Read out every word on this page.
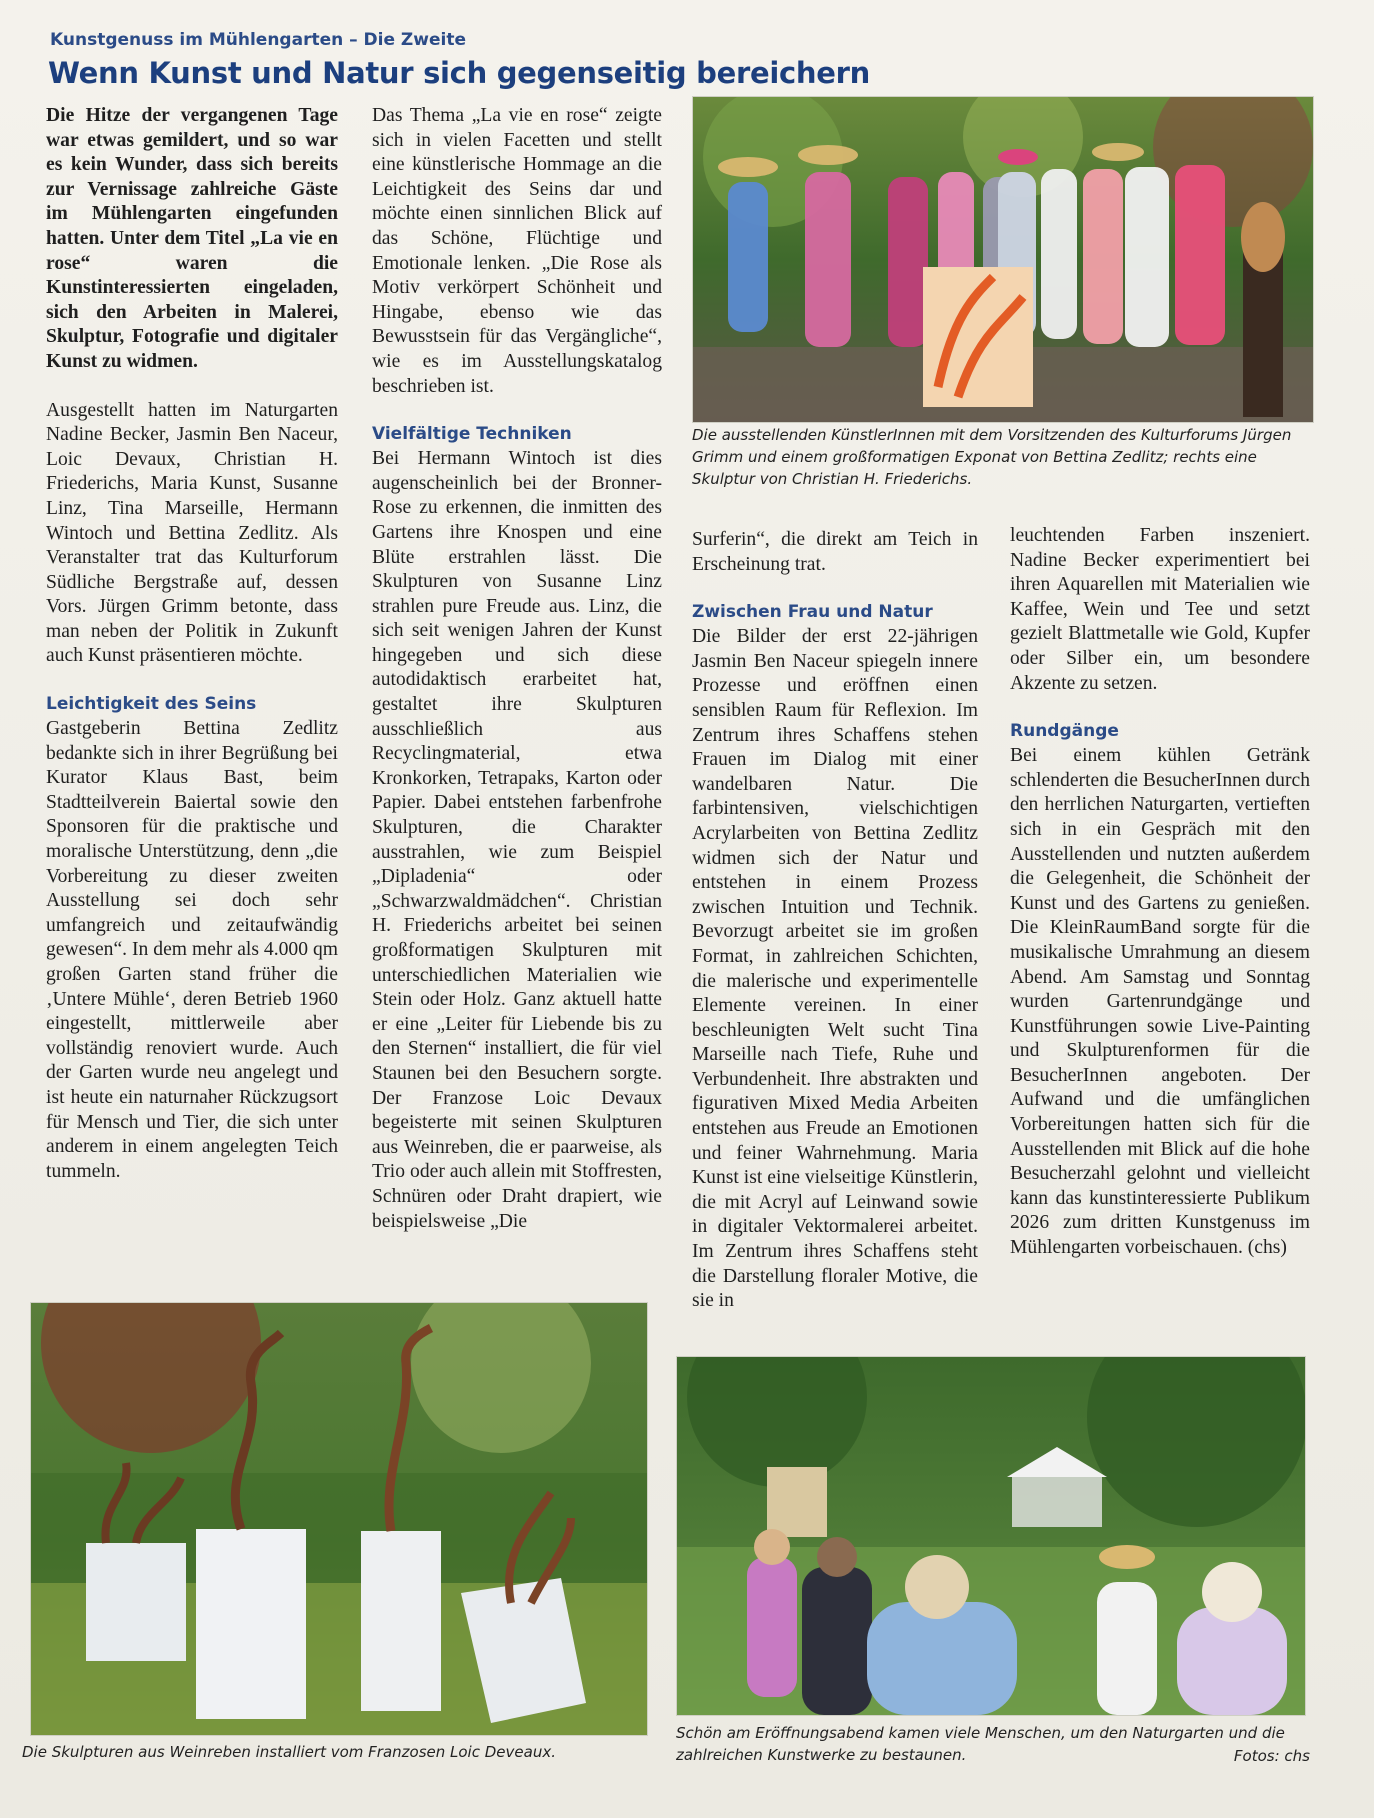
Kunstgenuss im Mühlengarten – Die Zweite
Wenn Kunst und Natur sich gegenseitig bereichern

Die Hitze der vergangenen Tage war etwas gemildert, und so war es kein Wunder, dass sich bereits zur Vernissage zahlreiche Gäste im Mühlengarten eingefunden hatten. Unter dem Titel „La vie en rose“ waren die Kunstinteressierten eingeladen, sich den Arbeiten in Malerei, Skulptur, Fotografie und digitaler Kunst zu widmen.

Ausgestellt hatten im Naturgarten Nadine Becker, Jasmin Ben Naceur, Loic Devaux, Christian H. Friederichs, Maria Kunst, Susanne Linz, Tina Marseille, Hermann Wintoch und Bettina Zedlitz. Als Veranstalter trat das Kulturforum Südliche Bergstraße auf, dessen Vors. Jürgen Grimm betonte, dass man neben der Politik in Zukunft auch Kunst präsentieren möchte.

Leichtigkeit des Seins

Gastgeberin Bettina Zedlitz bedankte sich in ihrer Begrüßung bei Kurator Klaus Bast, beim Stadtteilverein Baiertal sowie den Sponsoren für die praktische und moralische Unterstützung, denn „die Vorbereitung zu dieser zweiten Ausstellung sei doch sehr umfangreich und zeitaufwändig gewesen“. In dem mehr als 4.000 qm großen Garten stand früher die ‚Untere Mühle‘, deren Betrieb 1960 eingestellt, mittlerweile aber vollständig renoviert wurde. Auch der Garten wurde neu angelegt und ist heute ein naturnaher Rückzugsort für Mensch und Tier, die sich unter anderem in einem angelegten Teich tummeln.

Das Thema „La vie en rose“ zeigte sich in vielen Facetten und stellt eine künstlerische Hommage an die Leichtigkeit des Seins dar und möchte einen sinnlichen Blick auf das Schöne, Flüchtige und Emotionale lenken. „Die Rose als Motiv verkörpert Schönheit und Hingabe, ebenso wie das Bewusstsein für das Vergängliche“, wie es im Ausstellungskatalog beschrieben ist.

Vielfältige Techniken

Bei Hermann Wintoch ist dies augenscheinlich bei der Bronner-Rose zu erkennen, die inmitten des Gartens ihre Knospen und eine Blüte erstrahlen lässt. Die Skulpturen von Susanne Linz strahlen pure Freude aus. Linz, die sich seit wenigen Jahren der Kunst hingegeben und sich diese autodidaktisch erarbeitet hat, gestaltet ihre Skulpturen ausschließlich aus Recyclingmaterial, etwa Kronkorken, Tetrapaks, Karton oder Papier. Dabei entstehen farbenfrohe Skulpturen, die Charakter ausstrahlen, wie zum Beispiel „Dipladenia“ oder „Schwarzwaldmädchen“. Christian H. Friederichs arbeitet bei seinen großformatigen Skulpturen mit unterschiedlichen Materialien wie Stein oder Holz. Ganz aktuell hatte er eine „Leiter für Liebende bis zu den Sternen“ installiert, die für viel Staunen bei den Besuchern sorgte. Der Franzose Loic Devaux begeisterte mit seinen Skulpturen aus Weinreben, die er paarweise, als Trio oder auch allein mit Stoffresten, Schnüren oder Draht drapiert, wie beispielsweise „Die

Die ausstellenden KünstlerInnen mit dem Vorsitzenden des Kulturforums Jürgen Grimm und einem großformatigen Exponat von Bettina Zedlitz; rechts eine Skulptur von Christian H. Friederichs.

Surferin“, die direkt am Teich in Erscheinung trat.

Zwischen Frau und Natur

Die Bilder der erst 22-jährigen Jasmin Ben Naceur spiegeln innere Prozesse und eröffnen einen sensiblen Raum für Reflexion. Im Zentrum ihres Schaffens stehen Frauen im Dialog mit einer wandelbaren Natur. Die farbintensiven, vielschichtigen Acrylarbeiten von Bettina Zedlitz widmen sich der Natur und entstehen in einem Prozess zwischen Intuition und Technik. Bevorzugt arbeitet sie im großen Format, in zahlreichen Schichten, die malerische und experimentelle Elemente vereinen. In einer beschleunigten Welt sucht Tina Marseille nach Tiefe, Ruhe und Verbundenheit. Ihre abstrakten und figurativen Mixed Media Arbeiten entstehen aus Freude an Emotionen und feiner Wahrnehmung. Maria Kunst ist eine vielseitige Künstlerin, die mit Acryl auf Leinwand sowie in digitaler Vektormalerei arbeitet. Im Zentrum ihres Schaffens steht die Darstellung floraler Motive, die sie in

leuchtenden Farben inszeniert. Nadine Becker experimentiert bei ihren Aquarellen mit Materialien wie Kaffee, Wein und Tee und setzt gezielt Blattmetalle wie Gold, Kupfer oder Silber ein, um besondere Akzente zu setzen.

Rundgänge

Bei einem kühlen Getränk schlenderten die BesucherInnen durch den herrlichen Naturgarten, vertieften sich in ein Gespräch mit den Ausstellenden und nutzten außerdem die Gelegenheit, die Schönheit der Kunst und des Gartens zu genießen. Die KleinRaumBand sorgte für die musikalische Umrahmung an diesem Abend. Am Samstag und Sonntag wurden Gartenrundgänge und Kunstführungen sowie Live-Painting und Skulpturenformen für die BesucherInnen angeboten. Der Aufwand und die umfänglichen Vorbereitungen hatten sich für die Ausstellenden mit Blick auf die hohe Besucherzahl gelohnt und vielleicht kann das kunstinteressierte Publikum 2026 zum dritten Kunstgenuss im Mühlengarten vorbeischauen. (chs)

Die Skulpturen aus Weinreben installiert vom Franzosen Loic Deveaux.
Schön am Eröffnungsabend kamen viele Menschen, um den Naturgarten und die zahlreichen Kunstwerke zu bestaunen.	Fotos: chs
